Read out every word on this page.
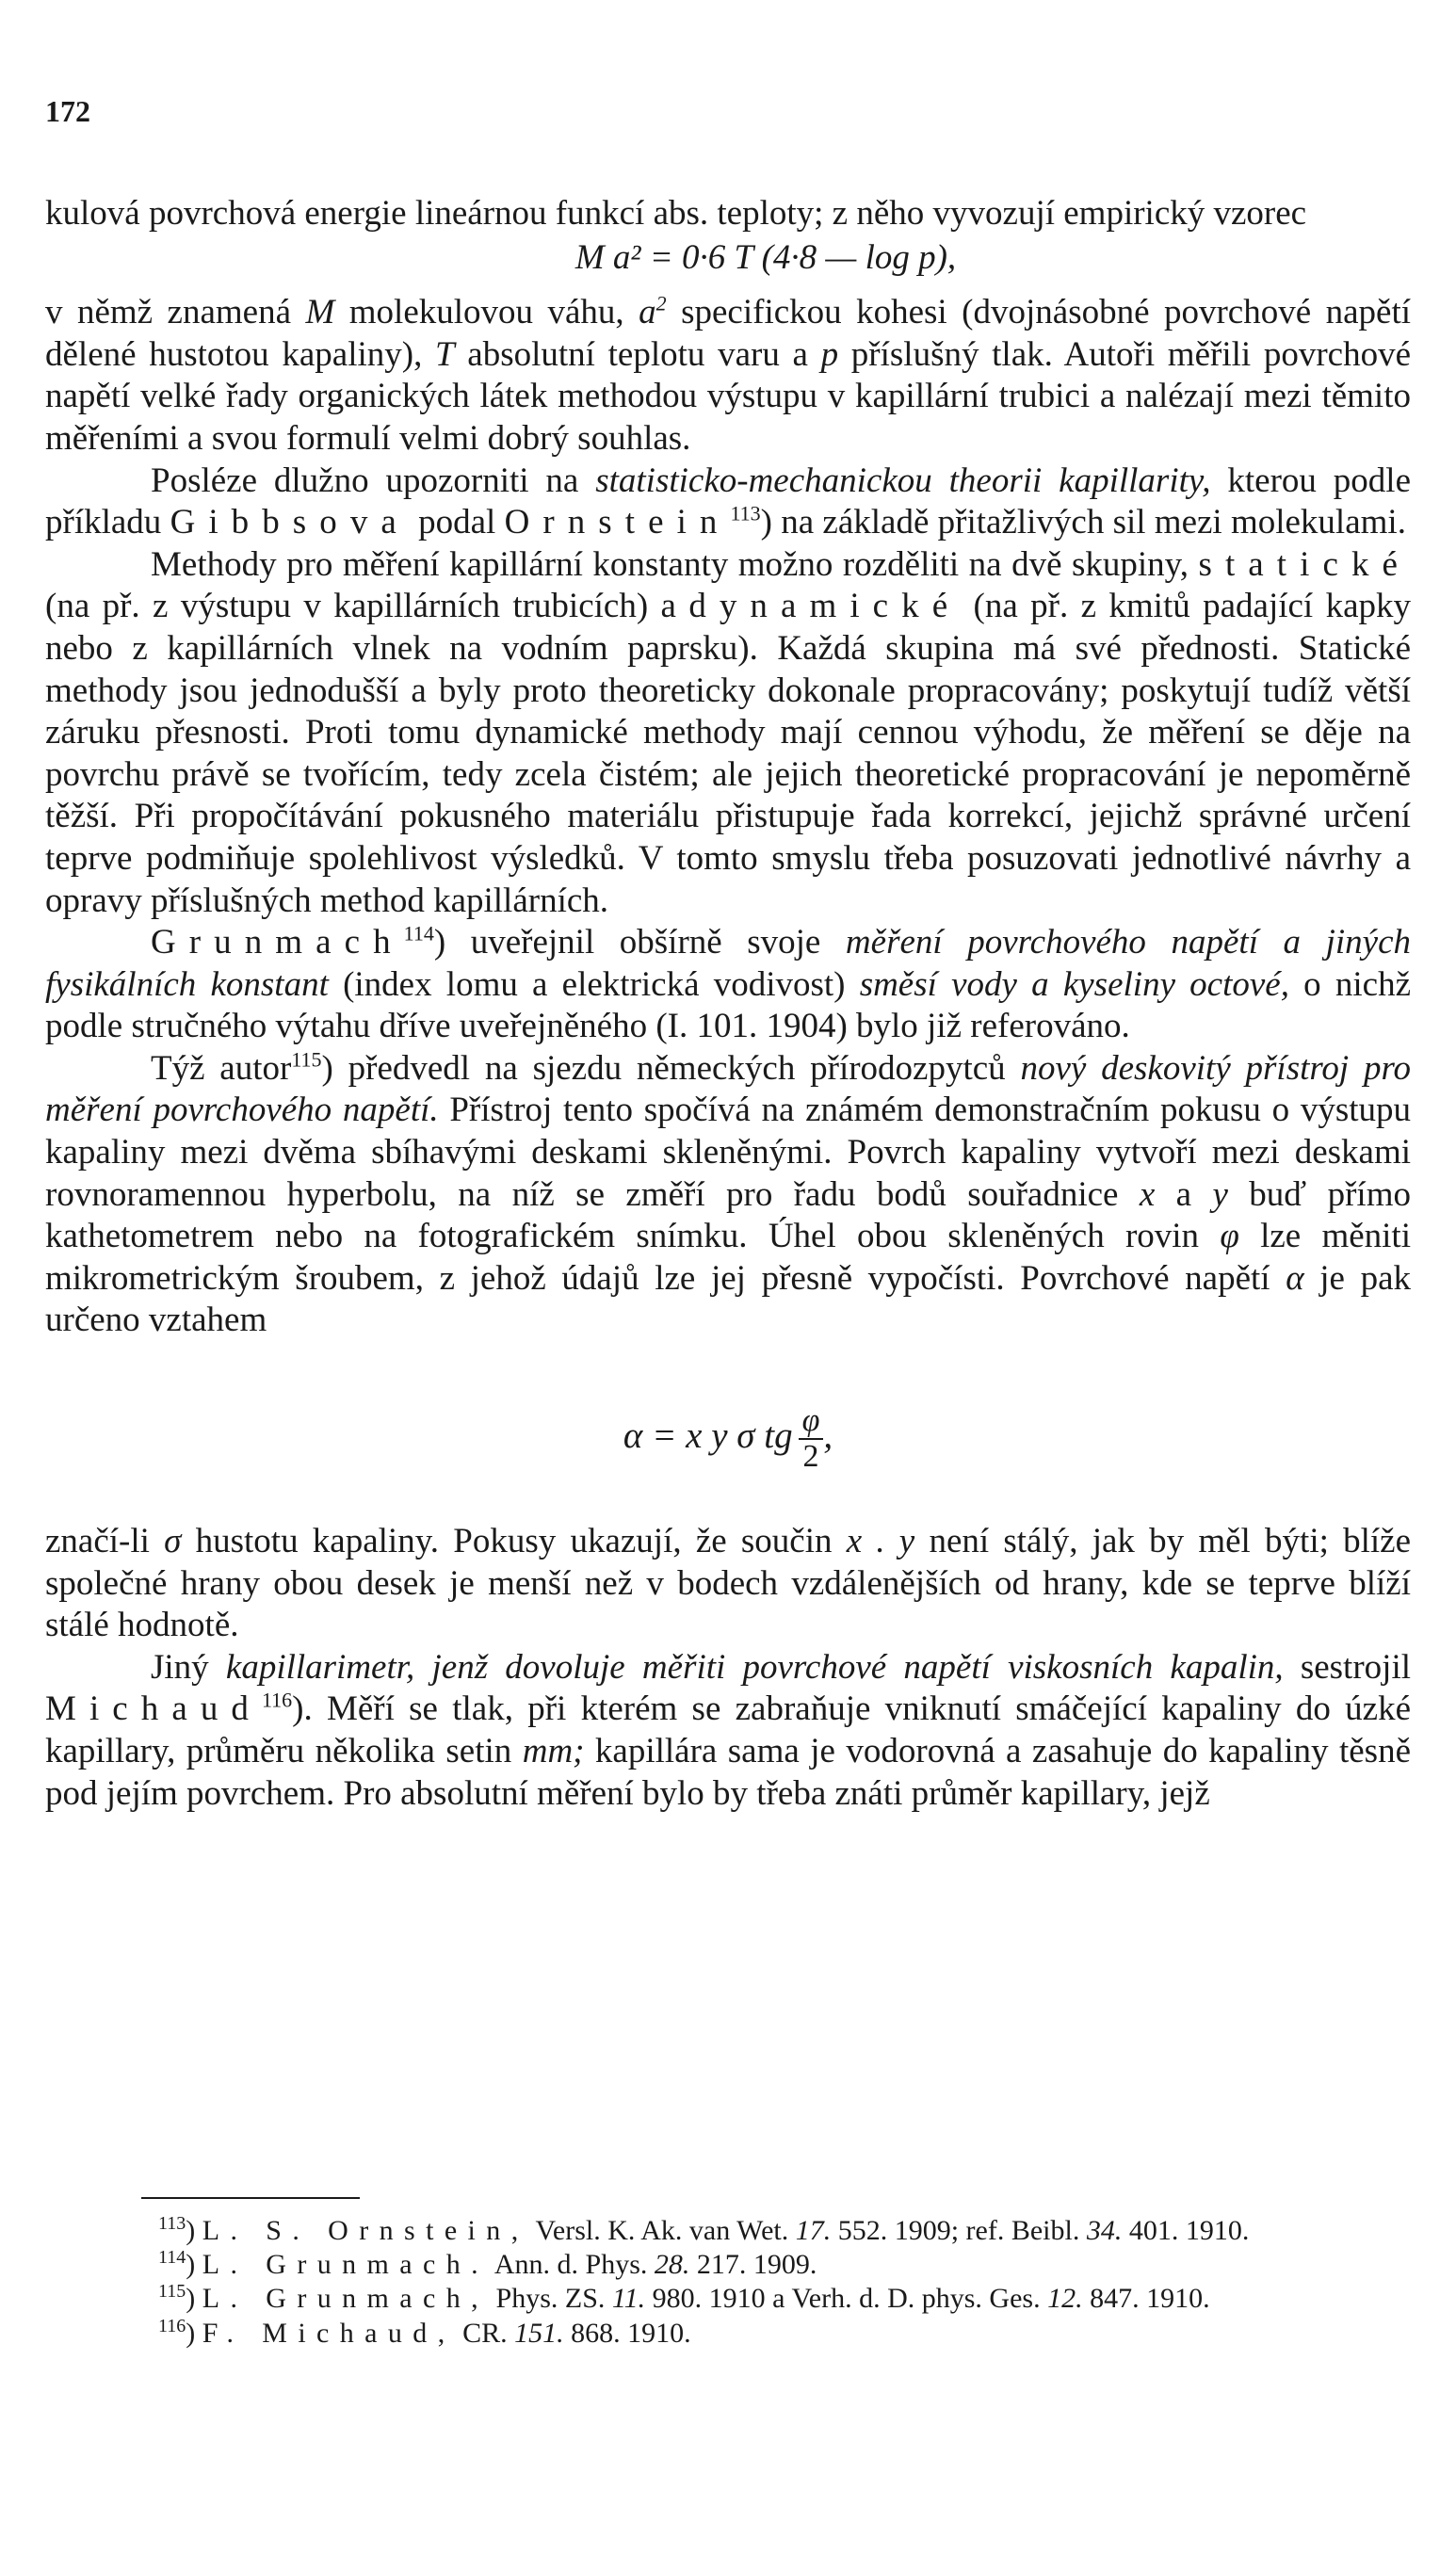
172

kulová povrchová energie lineárnou funkcí abs. teploty; z něho vyvozují empirický vzorec

M a² = 0·6 T (4·8 — log p),

v němž znamená M molekulovou váhu, $a^2$ specifickou kohesi (dvojnásobné povrchové napětí dělené hustotou kapaliny), T absolutní teplotu varu a p příslušný tlak. Autoři měřili povrchové napětí velké řady organických látek methodou výstupu v kapillární trubici a nalézají mezi těmito měřeními a svou formulí velmi dobrý souhlas.

Posléze dlužno upozorniti na statisticko-mechanickou theorii kapillarity, kterou podle příkladu Gibbsova podal Ornstein$^{113}$) na základě přitažlivých sil mezi molekulami.

Methody pro měření kapillární konstanty možno rozděliti na dvě skupiny, statické (na př. z výstupu v kapillárních trubicích) a dynamické (na př. z kmitů padající kapky nebo z kapillárních vlnek na vodním paprsku). Každá skupina má své přednosti. Statické methody jsou jednodušší a byly proto theoreticky dokonale propracovány; poskytují tudíž větší záruku přesnosti. Proti tomu dynamické methody mají cennou výhodu, že měření se děje na povrchu právě se tvořícím, tedy zcela čistém; ale jejich theoretické propracování je nepoměrně těžší. Při propočítávání pokusného materiálu přistupuje řada korrekcí, jejichž správné určení teprve podmiňuje spolehlivost výsledků. V tomto smyslu třeba posuzovati jednotlivé návrhy a opravy příslušných method kapillárních.

Grunmach$^{114}$) uveřejnil obšírně svoje měření povrchového napětí a jiných fysikálních konstant (index lomu a elektrická vodivost) směsí vody a kyseliny octové, o nichž podle stručného výtahu dříve uveřejněného (I. 101. 1904) bylo již referováno.

Týž autor$^{115}$) předvedl na sjezdu německých přírodozpytců nový deskovitý přístroj pro měření povrchového napětí. Přístroj tento spočívá na známém demonstračním pokusu o výstupu kapaliny mezi dvěma sbíhavými deskami skleněnými. Povrch kapaliny vytvoří mezi deskami rovnoramennou hyperbolu, na níž se změří pro řadu bodů souřadnice x a y buď přímo kathetometrem nebo na fotografickém snímku. Úhel obou skleněných rovin φ lze měniti mikrometrickým šroubem, z jehož údajů lze jej přesně vypočísti. Povrchové napětí α je pak určeno vztahem

α = x y σ tg $\frac{\varphi}{2}$ ,

značí-li σ hustotu kapaliny. Pokusy ukazují, že součin x . y není stálý, jak by měl býti; blíže společné hrany obou desek je menší než v bodech vzdálenějších od hrany, kde se teprve blíží stálé hodnotě.

Jiný kapillarimetr, jenž dovoluje měřiti povrchové napětí viskosních kapalin, sestrojil Michaud$^{116}$). Měří se tlak, při kterém se zabraňuje vniknutí smáčející kapaliny do úzké kapillary, průměru několika setin mm; kapillára sama je vodorovná a zasahuje do kapaliny těsně pod jejím povrchem. Pro absolutní měření bylo by třeba znáti průměr kapillary, jejž

$^{113}$) L. S. Ornstein, Versl. K. Ak. van Wet. 17. 552. 1909; ref. Beibl. 34. 401. 1910.

$^{114}$) L. Grunmach. Ann. d. Phys. 28. 217. 1909.

$^{115}$) L. Grunmach, Phys. ZS. 11. 980. 1910 a Verh. d. D. phys. Ges. 12. 847. 1910.

$^{116}$) F. Michaud, CR. 151. 868. 1910.
